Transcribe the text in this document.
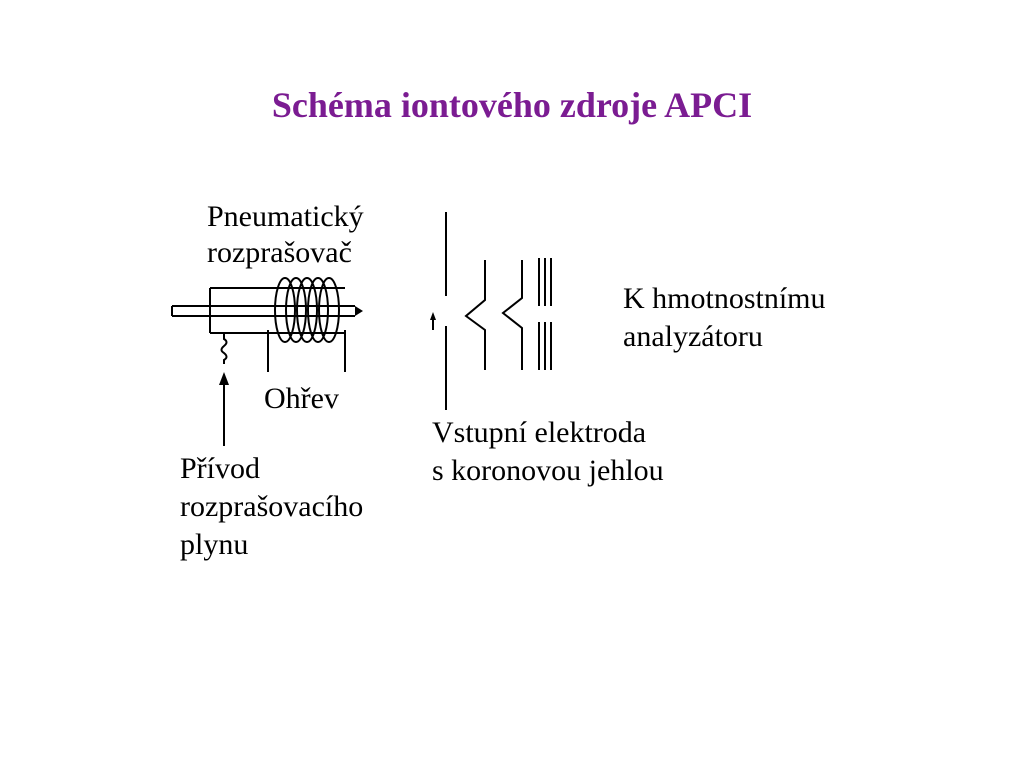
Schéma iontového zdroje APCI
Pneumatický
rozprašovač
Ohřev
Přívod
rozprašovacího
plynu
Vstupní elektroda
s koronovou jehlou
K hmotnostnímu
analyzátoru
